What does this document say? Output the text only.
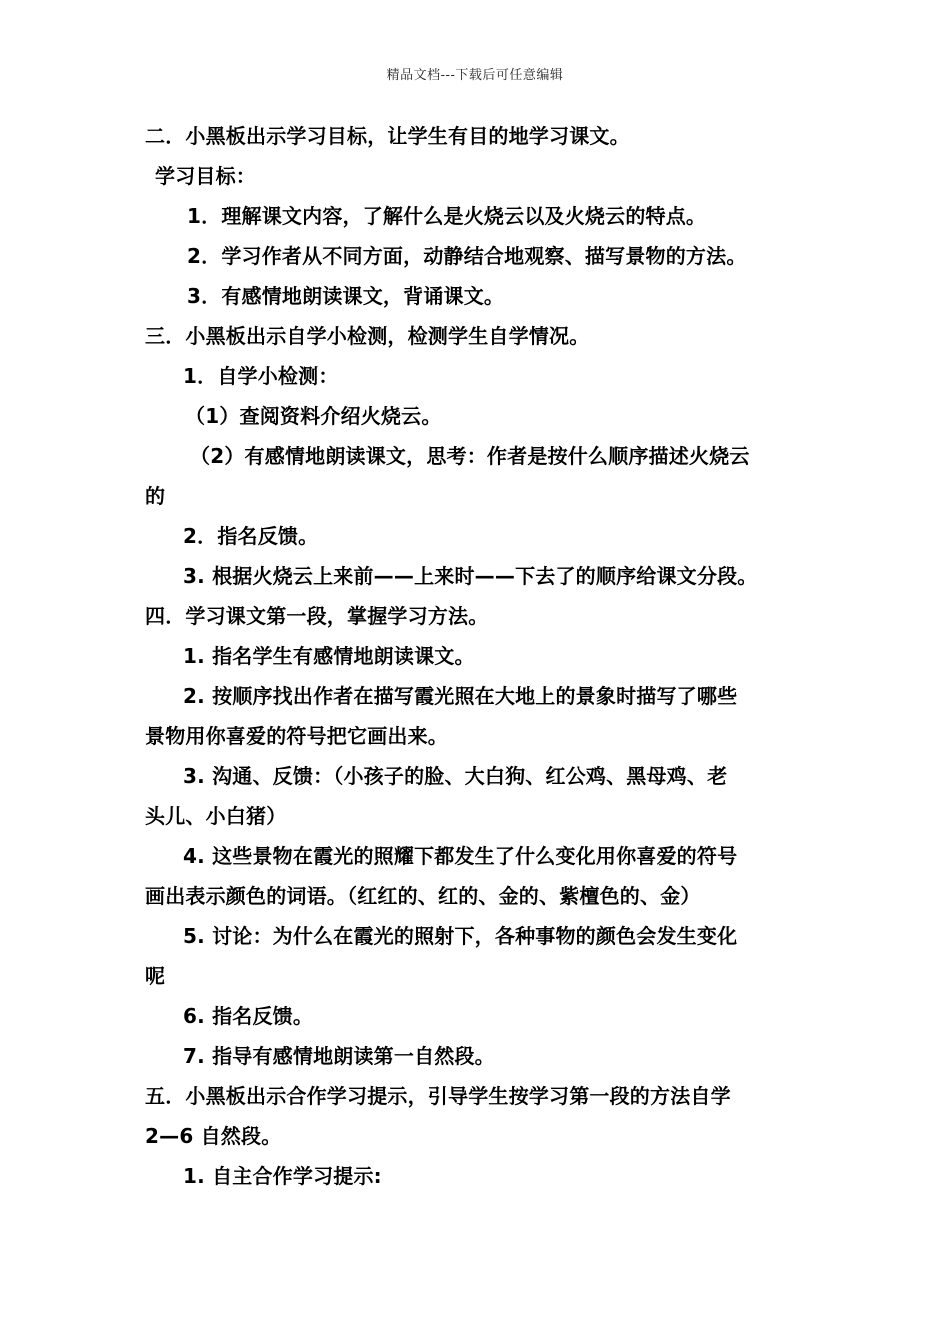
精品文档---下载后可任意编辑
二．小黑板出示学习目标，让学生有目的地学习课文。
学习目标：
1．理解课文内容，了解什么是火烧云以及火烧云的特点。
2．学习作者从不同方面，动静结合地观察、描写景物的方法。
3．有感情地朗读课文，背诵课文。
三．小黑板出示自学小检测，检测学生自学情况。
1．自学小检测：
（1）查阅资料介绍火烧云。
（2）有感情地朗读课文，思考：作者是按什么顺序描述火烧云
的
2．指名反馈。
3. 根据火烧云上来前——上来时——下去了的顺序给课文分段。
四．学习课文第一段，掌握学习方法。
1. 指名学生有感情地朗读课文。
2. 按顺序找出作者在描写霞光照在大地上的景象时描写了哪些
景物用你喜爱的符号把它画出来。
3. 沟通、反馈：（小孩子的脸、大白狗、红公鸡、黑母鸡、老
头儿、小白猪）
4. 这些景物在霞光的照耀下都发生了什么变化用你喜爱的符号
画出表示颜色的词语。（红红的、红的、金的、紫檀色的、金）
5. 讨论：为什么在霞光的照射下，各种事物的颜色会发生变化
呢
6. 指名反馈。
7. 指导有感情地朗读第一自然段。
五．小黑板出示合作学习提示，引导学生按学习第一段的方法自学
2—6 自然段。
1. 自主合作学习提示:
